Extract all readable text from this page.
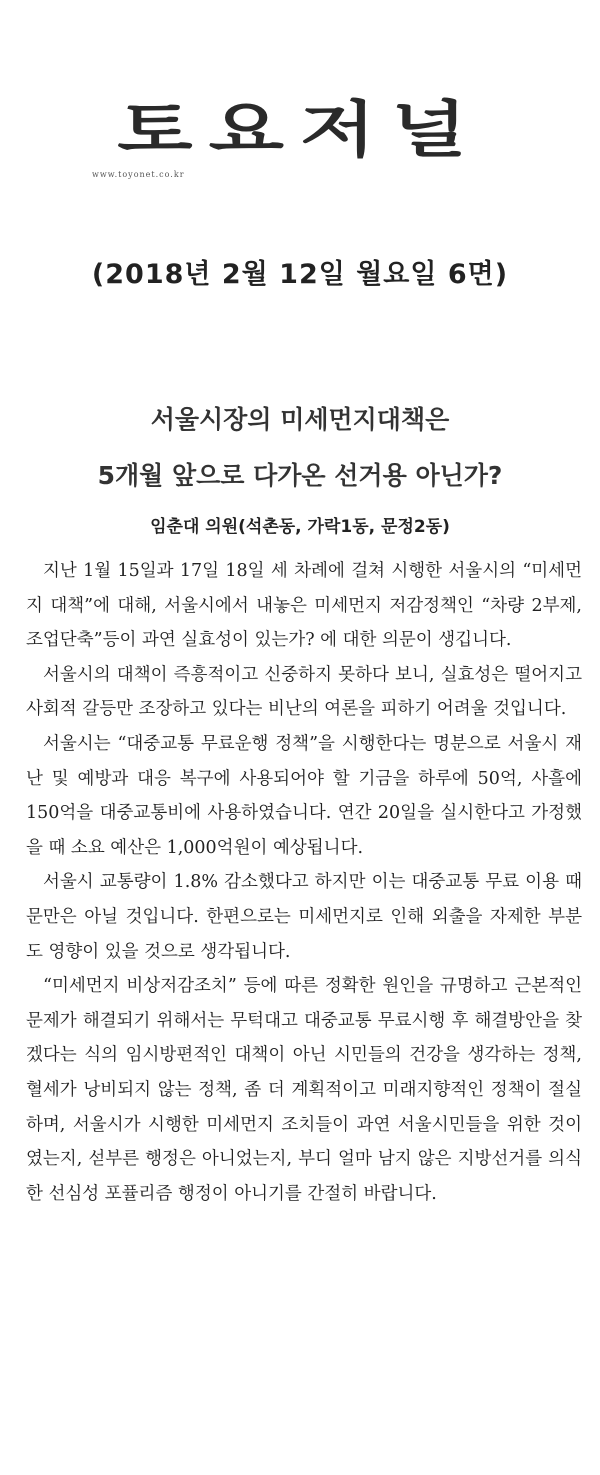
토요저널
www.toyonet.co.kr
(2018년 2월 12일 월요일 6면)
서울시장의 미세먼지대책은
5개월 앞으로 다가온 선거용 아닌가?
임춘대 의원(석촌동, 가락1동, 문정2동)

지난 1월 15일과 17일 18일 세 차례에 걸쳐 시행한 서울시의 “미세먼지 대책”에 대해, 서울시에서 내놓은 미세먼지 저감정책인 “차량 2부제, 조업단축”등이 과연 실효성이 있는가? 에 대한 의문이 생깁니다.

서울시의 대책이 즉흥적이고 신중하지 못하다 보니, 실효성은 떨어지고 사회적 갈등만 조장하고 있다는 비난의 여론을 피하기 어려울 것입니다.

서울시는 “대중교통 무료운행 정책”을 시행한다는 명분으로 서울시 재난 및 예방과 대응 복구에 사용되어야 할 기금을 하루에 50억, 사흘에 150억을 대중교통비에 사용하였습니다. 연간 20일을 실시한다고 가정했을 때 소요 예산은 1,000억원이 예상됩니다.

서울시 교통량이 1.8% 감소했다고 하지만 이는 대중교통 무료 이용 때문만은 아닐 것입니다. 한편으로는 미세먼지로 인해 외출을 자제한 부분도 영향이 있을 것으로 생각됩니다.

“미세먼지 비상저감조치” 등에 따른 정확한 원인을 규명하고 근본적인 문제가 해결되기 위해서는 무턱대고 대중교통 무료시행 후 해결방안을 찾겠다는 식의 임시방편적인 대책이 아닌 시민들의 건강을 생각하는 정책, 혈세가 낭비되지 않는 정책, 좀 더 계획적이고 미래지향적인 정책이 절실하며, 서울시가 시행한 미세먼지 조치들이 과연 서울시민들을 위한 것이였는지, 섣부른 행정은 아니었는지, 부디 얼마 남지 않은 지방선거를 의식한 선심성 포퓰리즘 행정이 아니기를 간절히 바랍니다.
